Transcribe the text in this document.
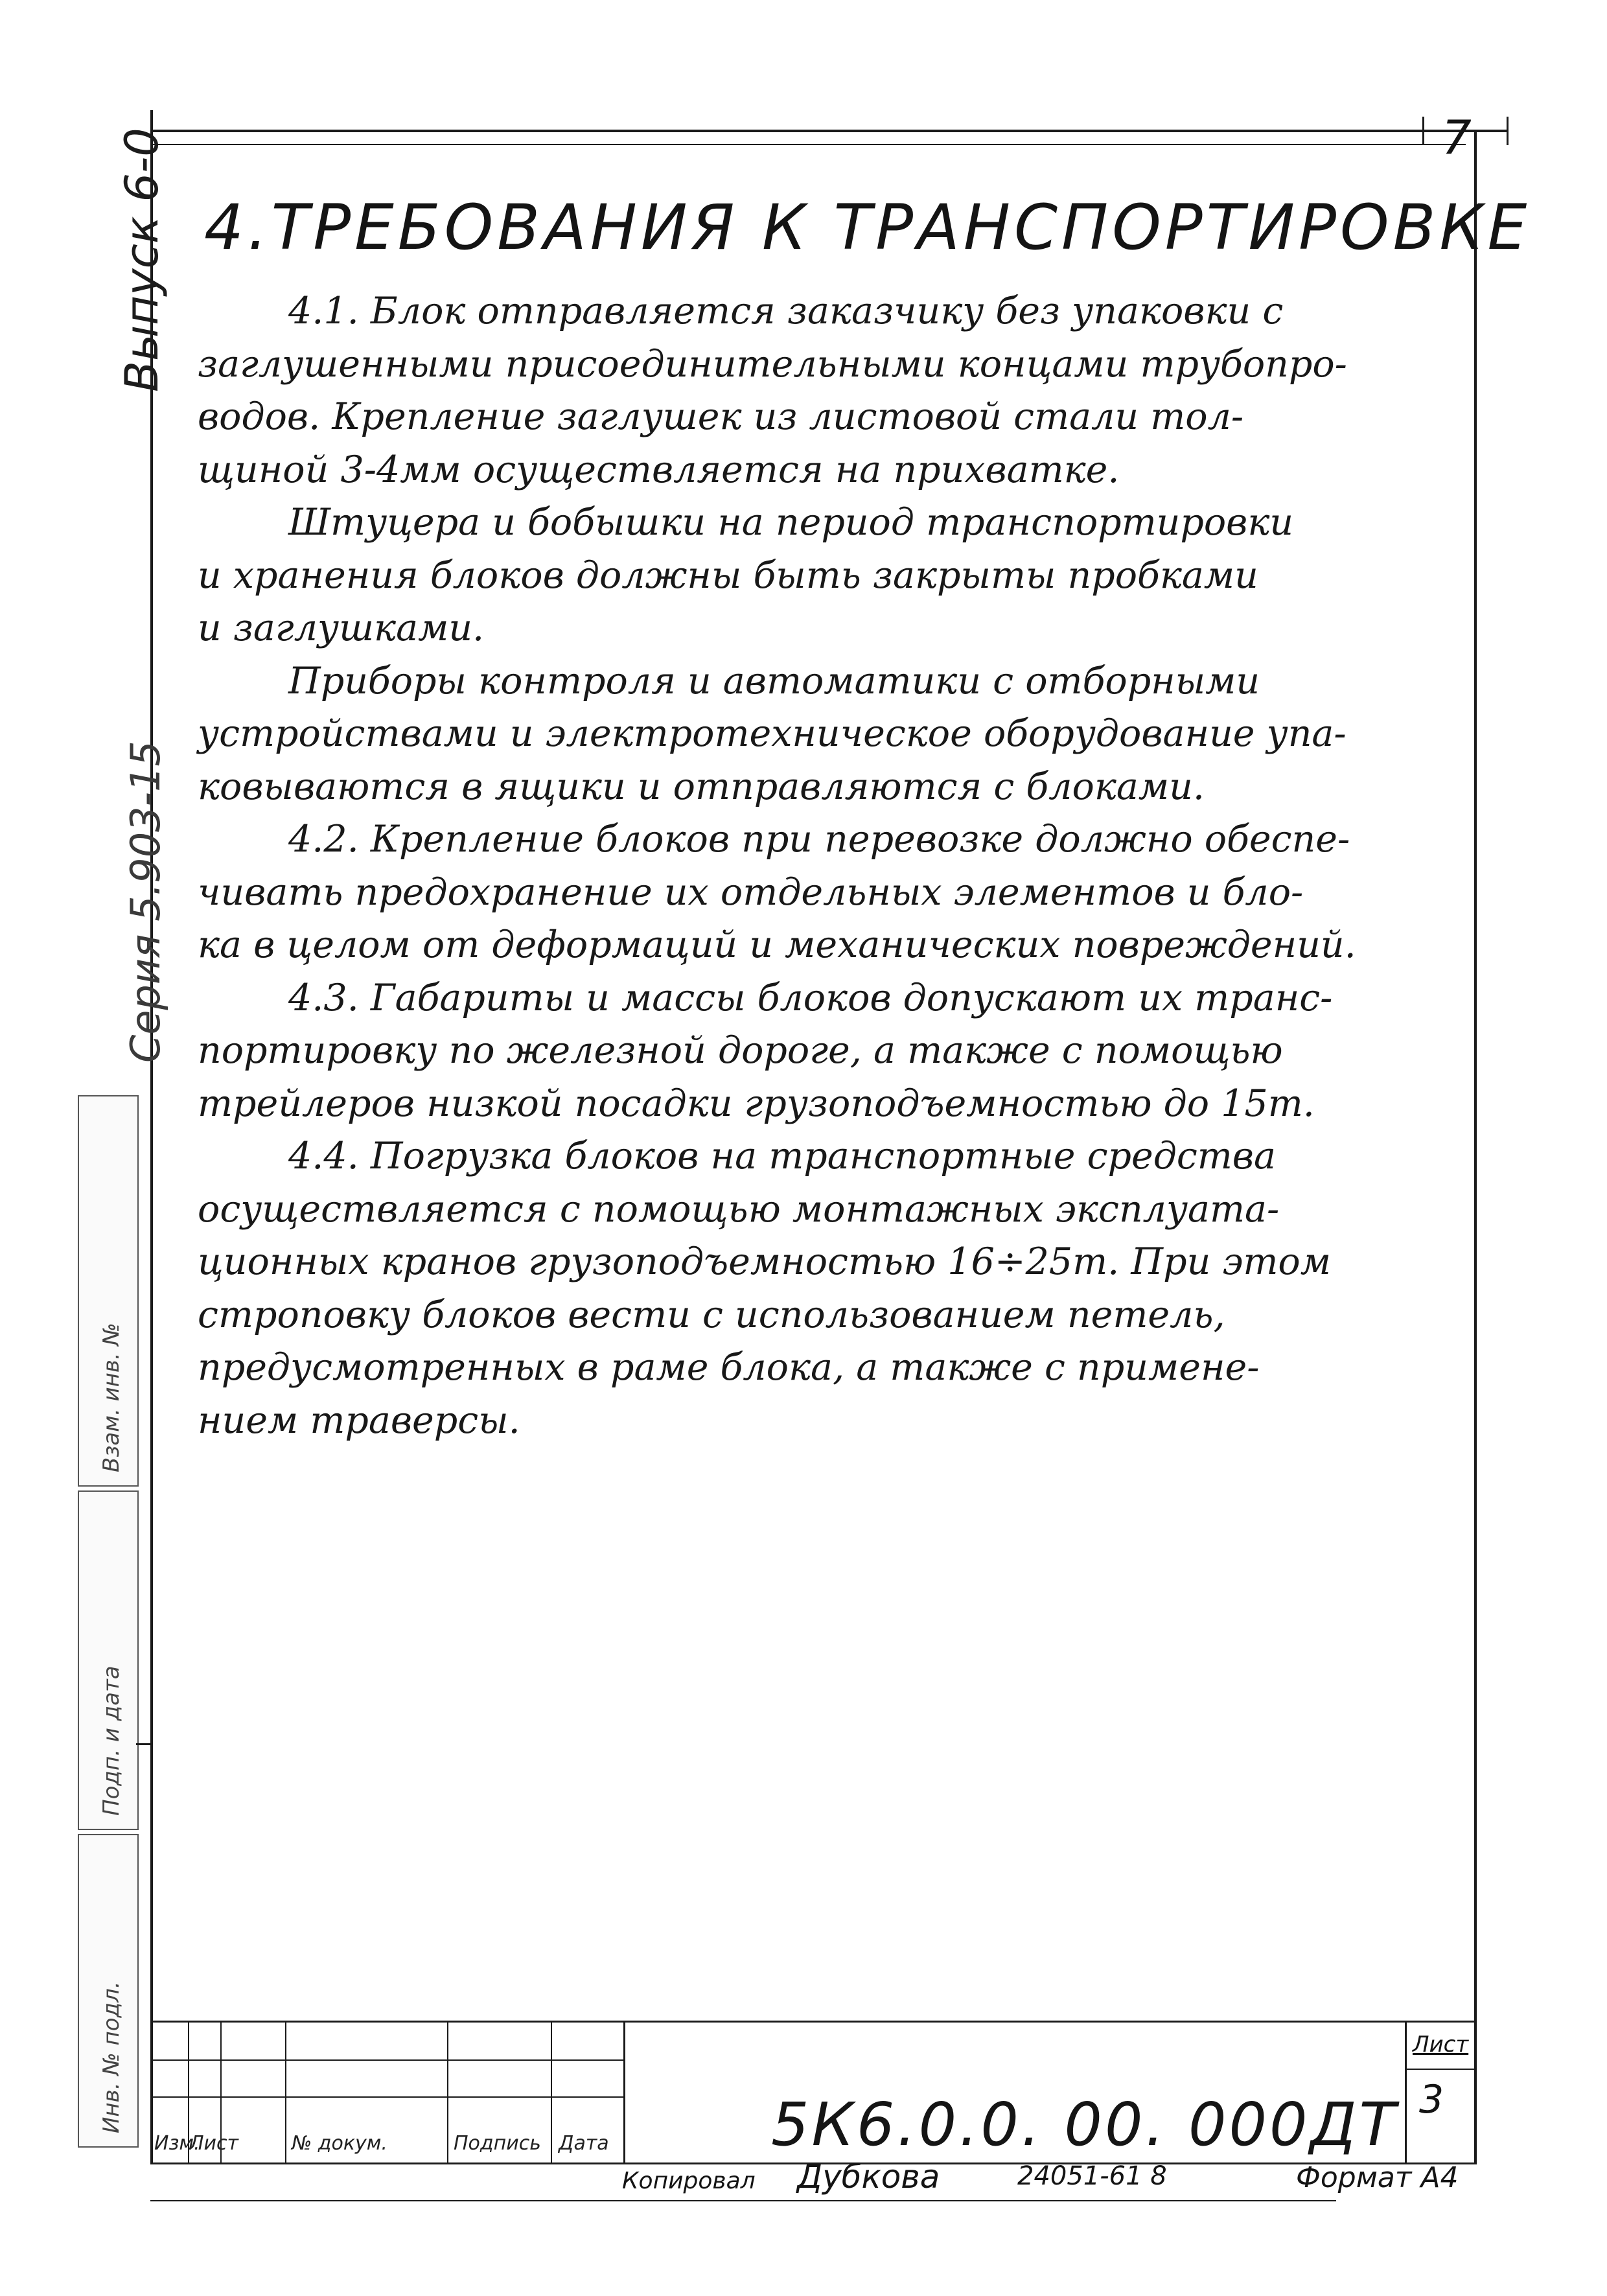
7
Выпуск 6-0
Серия 5.903-15
Взам. инв. №
Подп. и дата
Инв. № подл.
4.ТРЕБОВАНИЯ К ТРАНСПОРТИРОВКЕ

4.1. Блок отправляется заказчику без упаковки с

заглушенными присоединительными концами трубопро-

водов. Крепление заглушек из листовой стали тол-

щиной 3-4мм осуществляется на прихватке.

Штуцера и бобышки на период транспортировки

и хранения блоков должны быть закрыты пробками

и заглушками.

Приборы контроля и автоматики с отборными

устройствами и электротехническое оборудование упа-

ковываются в ящики и отправляются с блоками.

4.2. Крепление блоков при перевозке должно обеспе-

чивать предохранение их отдельных элементов и бло-

ка в целом от деформаций и механических повреждений.

4.3. Габариты и массы блоков допускают их транс-

портировку по железной дороге, а также с помощью

трейлеров низкой посадки грузоподъемностью до 15т.

4.4. Погрузка блоков на транспортные средства

осуществляется с помощью монтажных эксплуата-

ционных кранов грузоподъемностью 16÷25т. При этом

строповку блоков вести с использованием петель,

предусмотренных в раме блока, а также с примене-

нием траверсы.

Изм.
Лист	№ докум.	Подпись Дата	5К6.0.0. 00. 000ДТ
Лист
3
Копировал Дубкова	24051-61 8	Формат А4
